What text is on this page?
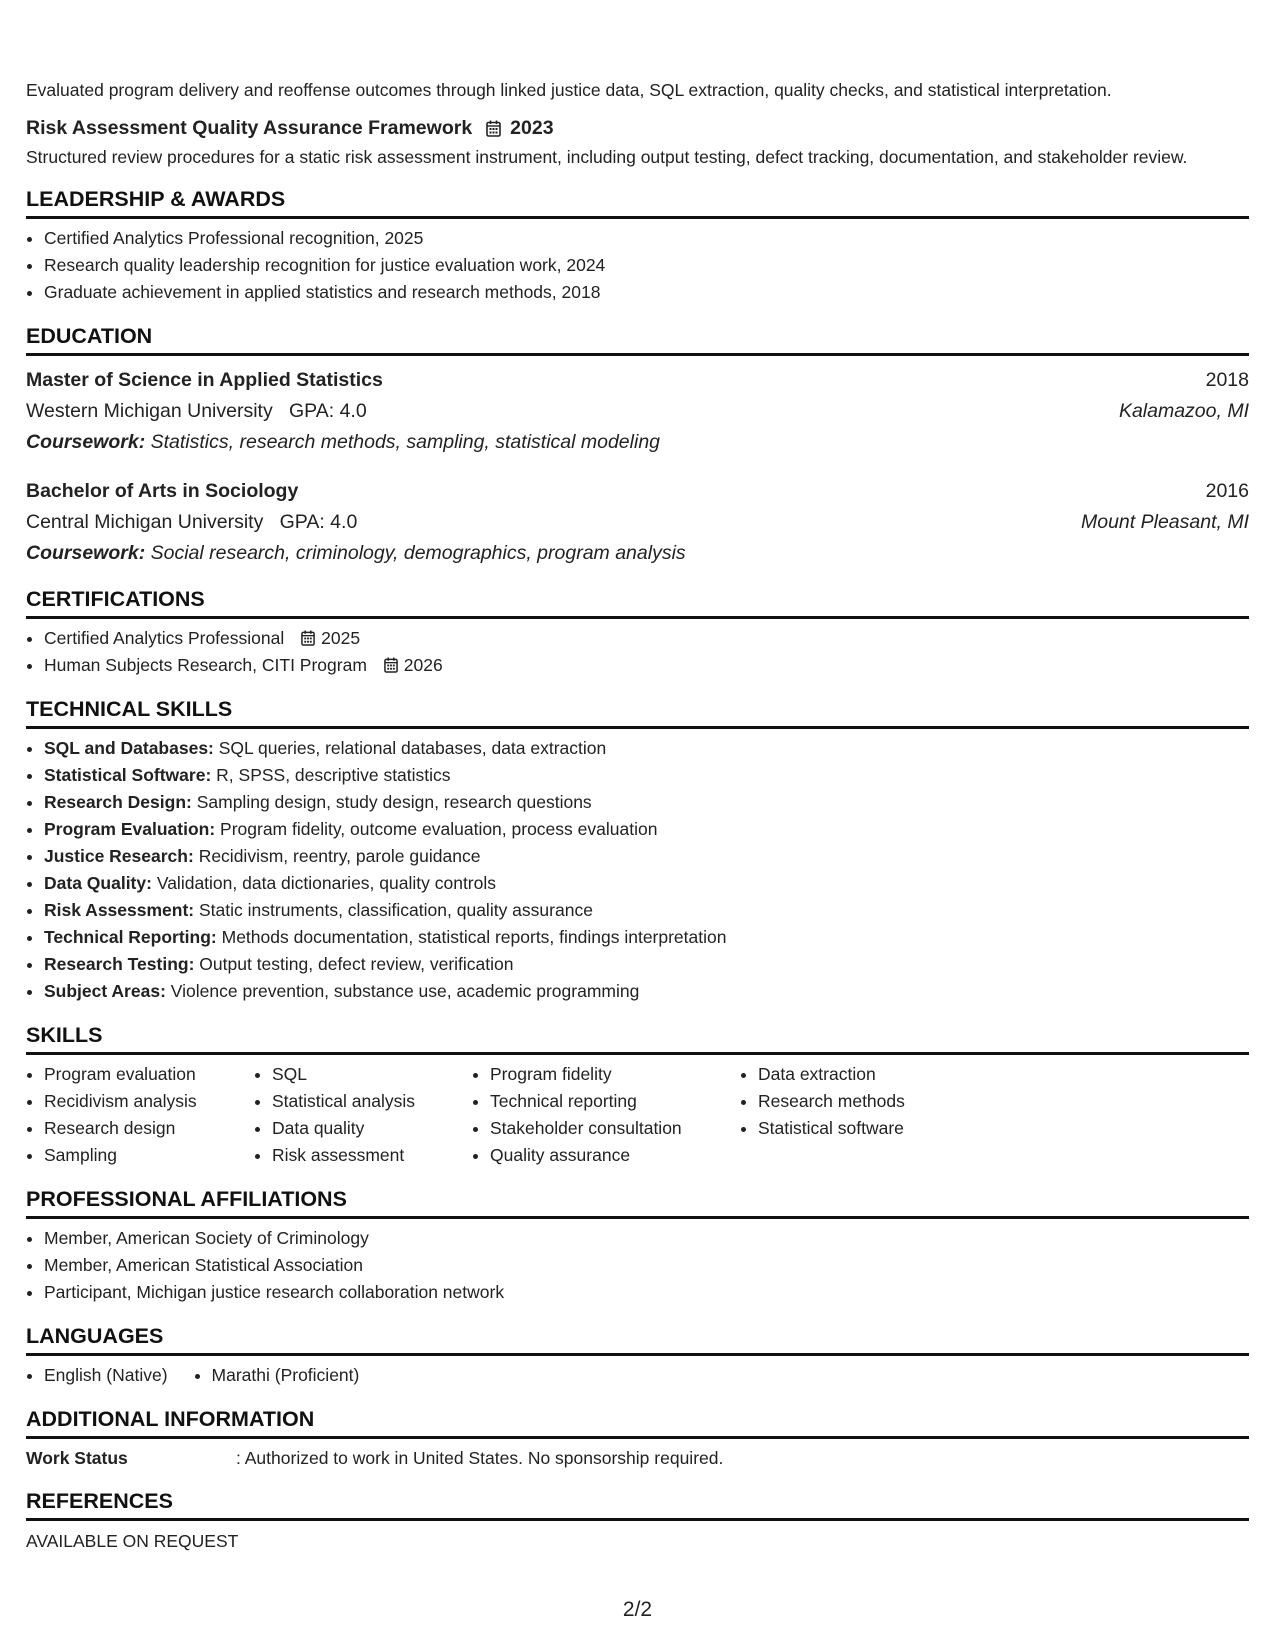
Evaluated program delivery and reoffense outcomes through linked justice data, SQL extraction, quality checks, and statistical interpretation.

Risk Assessment Quality Assurance Framework 2023

Structured review procedures for a static risk assessment instrument, including output testing, defect tracking, documentation, and stakeholder review.

LEADERSHIP & AWARDS
• Certified Analytics Professional recognition, 2025
• Research quality leadership recognition for justice evaluation work, 2024
• Graduate achievement in applied statistics and research methods, 2018
EDUCATION
Master of Science in Applied Statistics	2018
Western Michigan University GPA: 4.0	Kalamazoo, MI
Coursework: Statistics, research methods, sampling, statistical modeling
Bachelor of Arts in Sociology	2016
Central Michigan University GPA: 4.0	Mount Pleasant, MI
Coursework: Social research, criminology, demographics, program analysis
CERTIFICATIONS
• Certified Analytics Professional 2025
• Human Subjects Research, CITI Program 2026
TECHNICAL SKILLS
• SQL and Databases: SQL queries, relational databases, data extraction
• Statistical Software: R, SPSS, descriptive statistics
• Research Design: Sampling design, study design, research questions
• Program Evaluation: Program fidelity, outcome evaluation, process evaluation
• Justice Research: Recidivism, reentry, parole guidance
• Data Quality: Validation, data dictionaries, quality controls
• Risk Assessment: Static instruments, classification, quality assurance
• Technical Reporting: Methods documentation, statistical reports, findings interpretation
• Research Testing: Output testing, defect review, verification
• Subject Areas: Violence prevention, substance use, academic programming
SKILLS
• Program evaluation
• Recidivism analysis
• Research design
• Sampling
• SQL
• Statistical analysis
• Data quality
• Risk assessment
• Program fidelity
• Technical reporting
• Stakeholder consultation
• Quality assurance
• Data extraction
• Research methods
• Statistical software
PROFESSIONAL AFFILIATIONS
• Member, American Society of Criminology
• Member, American Statistical Association
• Participant, Michigan justice research collaboration network
LANGUAGES
• English (Native)
•	Marathi (Proficient)
ADDITIONAL INFORMATION
Work Status	: Authorized to work in United States. No sponsorship required.
REFERENCES

AVAILABLE ON REQUEST

2/2
